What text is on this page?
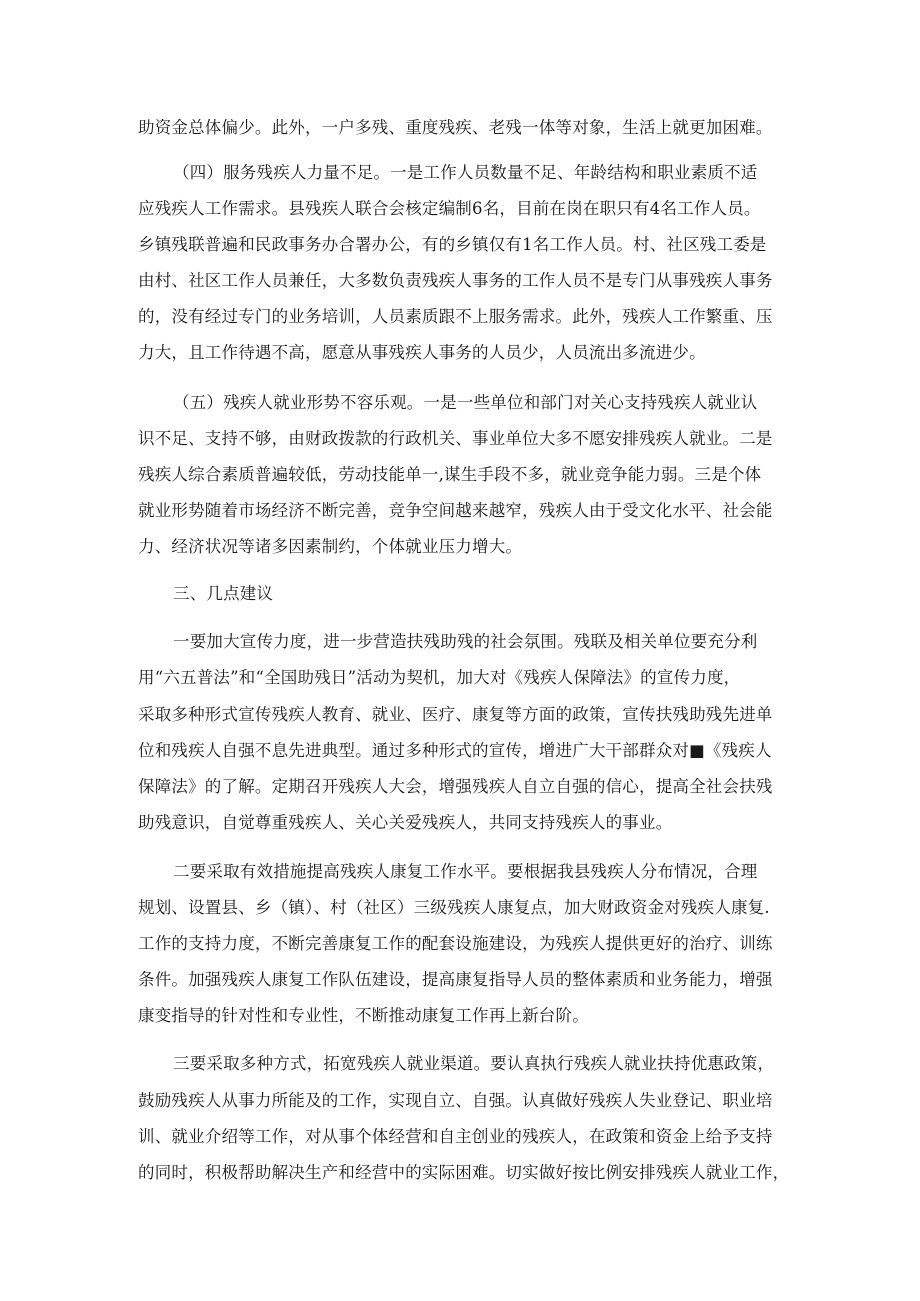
助资金总体偏少。此外，一户多残、重度残疾、老残一体等对象，生活上就更加困难。
（四）服务残疾人力量不足。一是工作人员数量不足、年龄结构和职业素质不适
应残疾人工作需求。县残疾人联合会核定编制6名，目前在岗在职只有4名工作人员。
乡镇残联普遍和民政事务办合署办公，有的乡镇仅有1名工作人员。村、社区残工委是
由村、社区工作人员兼任，大多数负责残疾人事务的工作人员不是专门从事残疾人事务
的，没有经过专门的业务培训，人员素质跟不上服务需求。此外，残疾人工作繁重、压
力大，且工作待遇不高，愿意从事残疾人事务的人员少，人员流出多流进少。
（五）残疾人就业形势不容乐观。一是一些单位和部门对关心支持残疾人就业认
识不足、支持不够，由财政拨款的行政机关、事业单位大多不愿安排残疾人就业。二是
残疾人综合素质普遍较低，劳动技能单一,谋生手段不多，就业竞争能力弱。三是个体
就业形势随着市场经济不断完善，竞争空间越来越窄，残疾人由于受文化水平、社会能
力、经济状况等诸多因素制约，个体就业压力增大。
三、几点建议
一要加大宣传力度，进一步营造扶残助残的社会氛围。残联及相关单位要充分利
用“六五普法”和“全国助残日”活动为契机，加大对《残疾人保障法》的宣传力度，
采取多种形式宣传残疾人教育、就业、医疗、康复等方面的政策，宣传扶残助残先进单
位和残疾人自强不息先进典型。通过多种形式的宣传，增进广大干部群众对■《残疾人
保障法》的了解。定期召开残疾人大会，增强残疾人自立自强的信心，提高全社会扶残
助残意识，自觉尊重残疾人、关心关爱残疾人，共同支持残疾人的事业。
二要采取有效措施提高残疾人康复工作水平。要根据我县残疾人分布情况，合理
规划、设置县、乡（镇）、村（社区）三级残疾人康复点，加大财政资金对残疾人康复.
工作的支持力度，不断完善康复工作的配套设施建设，为残疾人提供更好的治疗、训练
条件。加强残疾人康复工作队伍建设，提高康复指导人员的整体素质和业务能力，增强
康变指导的针对性和专业性，不断推动康复工作再上新台阶。
三要采取多种方式，拓宽残疾人就业渠道。要认真执行残疾人就业扶持优惠政策，
鼓励残疾人从事力所能及的工作，实现自立、自强。认真做好残疾人失业登记、职业培
训、就业介绍等工作，对从事个体经营和自主创业的残疾人，在政策和资金上给予支持
的同时，积极帮助解决生产和经营中的实际困难。切实做好按比例安排残疾人就业工作，
